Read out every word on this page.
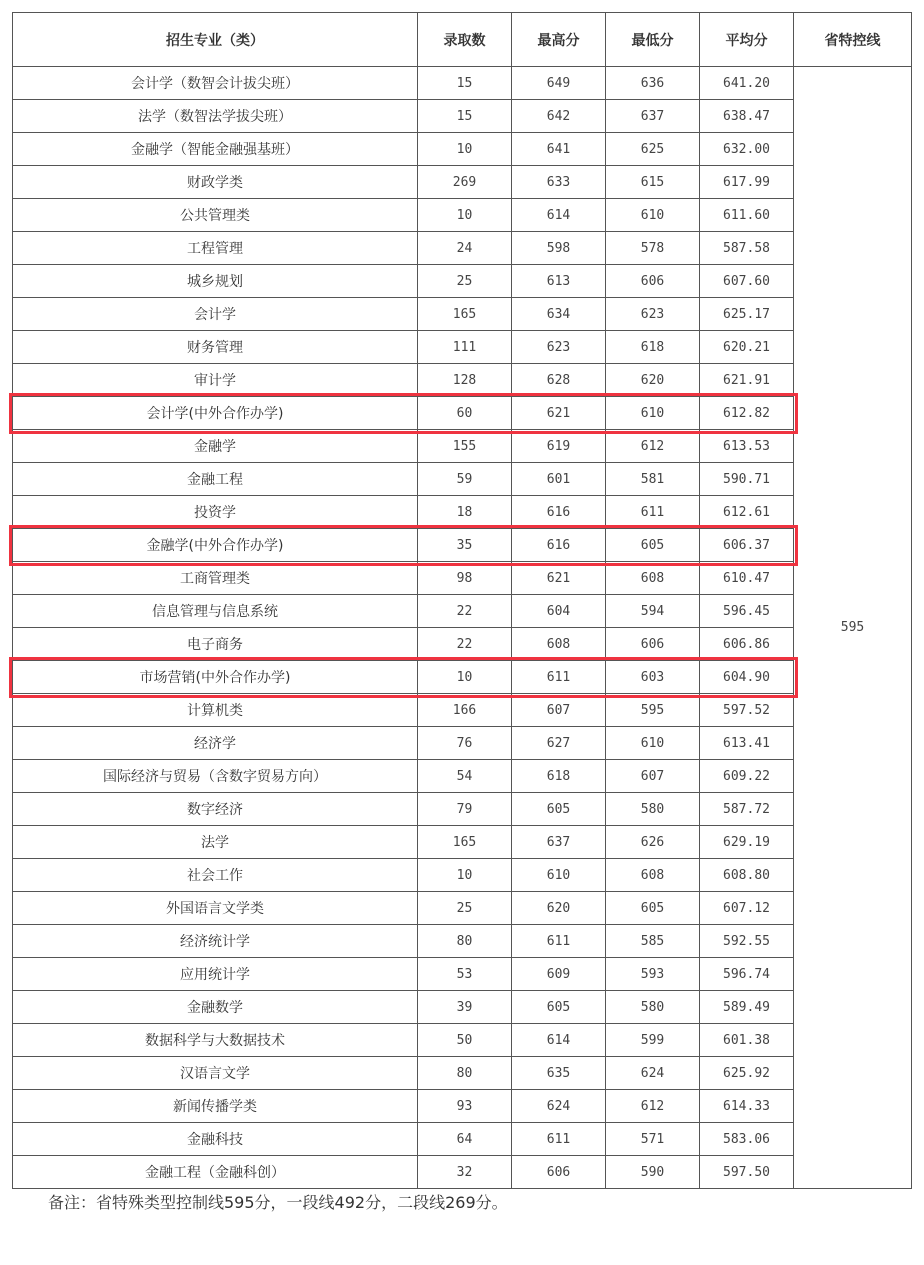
招生专业（类）	录取数	最高分	最低分	平均分	省特控线
会计学（数智会计拔尖班）	15	649	636	641.20	595
法学（数智法学拔尖班）	15	642	637	638.47	
金融学（智能金融强基班）	10	641	625	632.00	
财政学类	269	633	615	617.99	
公共管理类	10	614	610	611.60	
工程管理	24	598	578	587.58	
城乡规划	25	613	606	607.60	
会计学	165	634	623	625.17	
财务管理	111	623	618	620.21	
审计学	128	628	620	621.91	
会计学(中外合作办学)	60	621	610	612.82	
金融学	155	619	612	613.53	
金融工程	59	601	581	590.71	
投资学	18	616	611	612.61	
金融学(中外合作办学)	35	616	605	606.37	
工商管理类	98	621	608	610.47	
信息管理与信息系统	22	604	594	596.45	
电子商务	22	608	606	606.86	
市场营销(中外合作办学)	10	611	603	604.90	
计算机类	166	607	595	597.52	
经济学	76	627	610	613.41	
国际经济与贸易（含数字贸易方向）	54	618	607	609.22	
数字经济	79	605	580	587.72	
法学	165	637	626	629.19	
社会工作	10	610	608	608.80	
外国语言文学类	25	620	605	607.12	
经济统计学	80	611	585	592.55	
应用统计学	53	609	593	596.74	
金融数学	39	605	580	589.49	
数据科学与大数据技术	50	614	599	601.38	
汉语言文学	80	635	624	625.92	
新闻传播学类	93	624	612	614.33	
金融科技	64	611	571	583.06	
金融工程（金融科创）	32	606	590	597.50	
备注：省特殊类型控制线595分，一段线492分，二段线269分。
